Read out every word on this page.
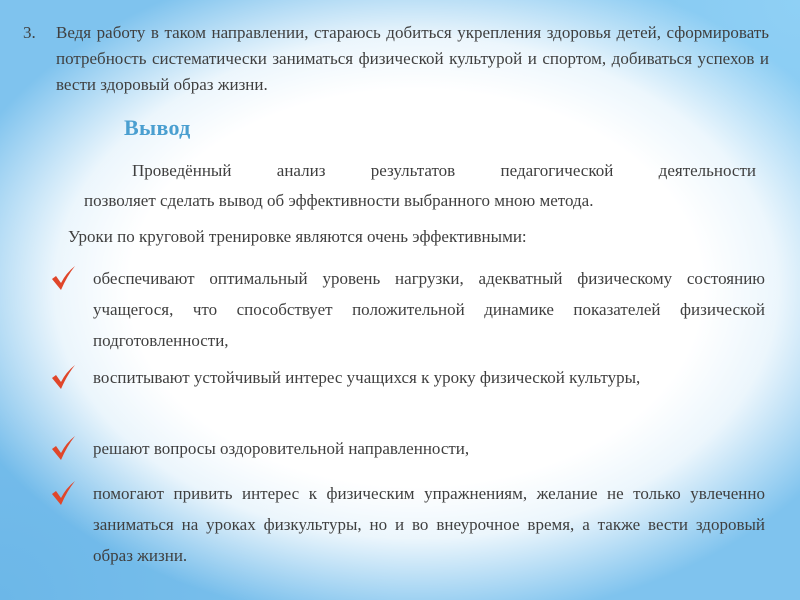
3. Ведя работу в таком направлении, стараюсь добиться укрепления здоровья детей, сформировать потребность систематически заниматься физической культурой и спортом, добиваться успехов и вести здоровый образ жизни.
Вывод
Проведённый анализ результатов педагогической деятельности
позволяет сделать вывод об эффективности выбранного мною метода.
Уроки по круговой тренировке являются очень эффективными:
обеспечивают оптимальный уровень нагрузки, адекватный физическому состоянию учащегося, что способствует положительной динамике показателей физической подготовленности,
воспитывают устойчивый интерес учащихся к уроку физической культуры,
решают вопросы оздоровительной направленности,
помогают привить интерес к физическим упражнениям, желание не только увлеченно заниматься на уроках физкультуры, но и во внеурочное время, а также вести здоровый образ жизни.
